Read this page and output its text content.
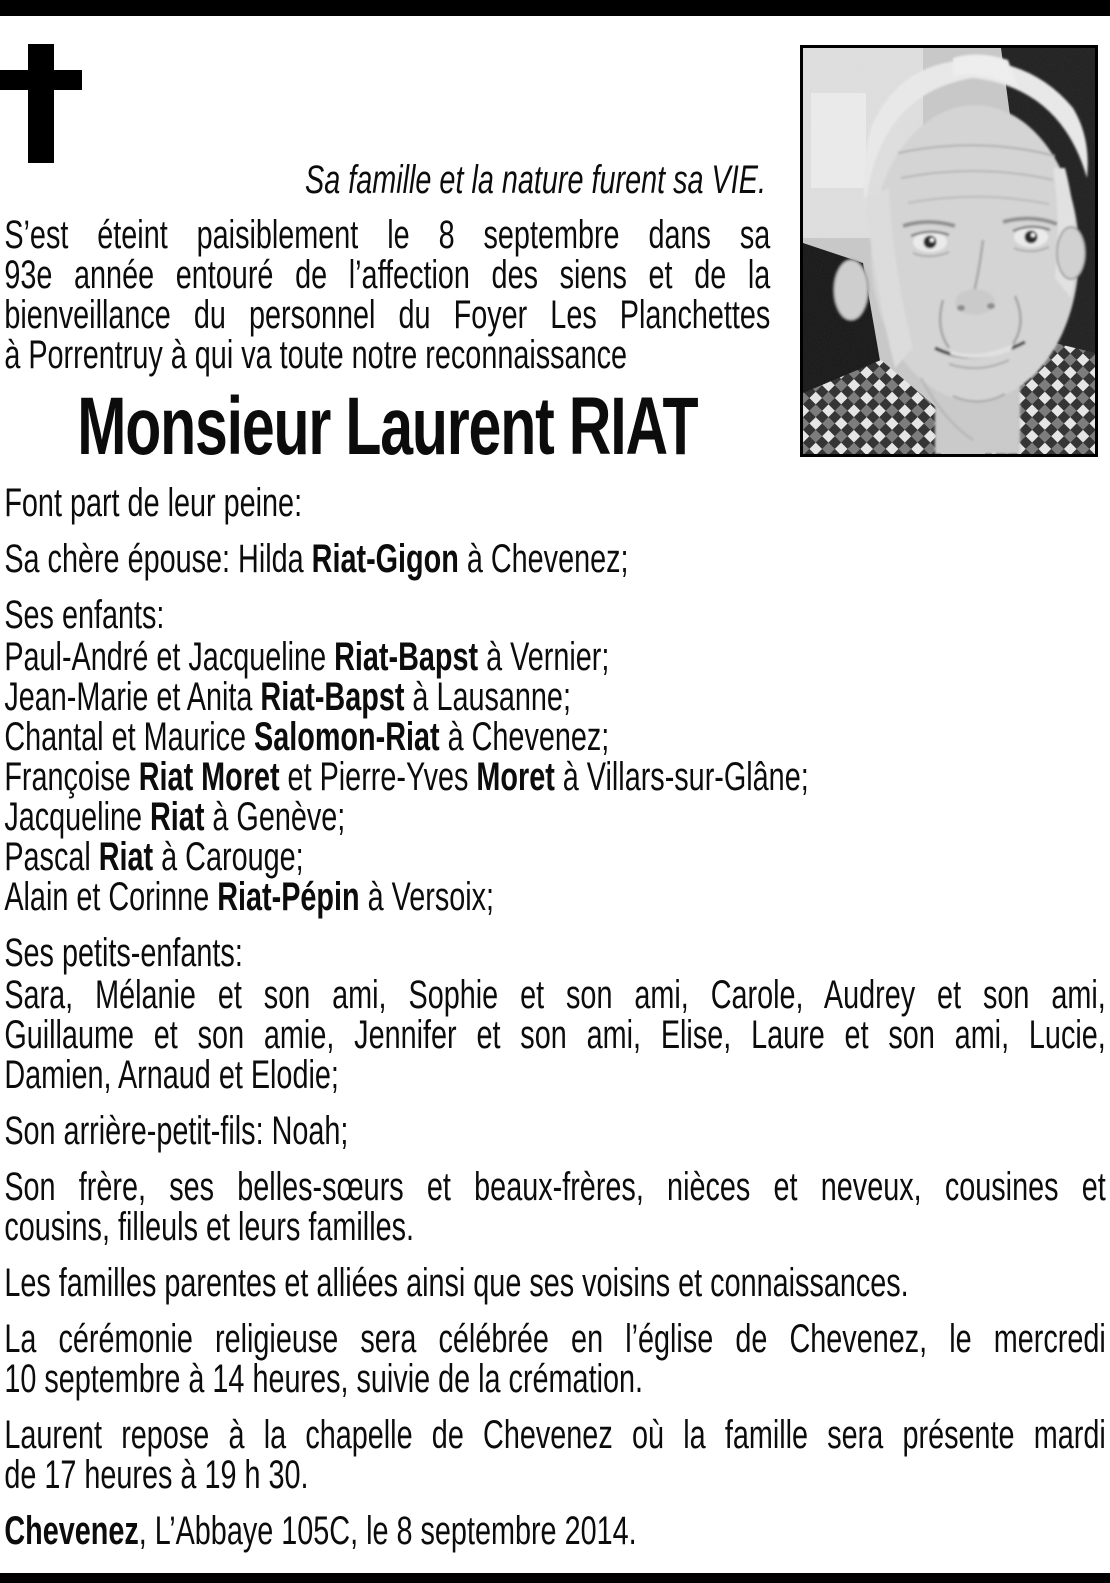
Sa famille et la nature furent sa VIE.
S’est éteint paisiblement le 8 septembre dans sa
93e année entouré de l’affection des siens et de la
bienveillance du personnel du Foyer Les Planchettes
à Porrentruy à qui va toute notre reconnaissance
Monsieur Laurent RIAT
Font part de leur peine:
Sa chère épouse: Hilda Riat-Gigon à Chevenez;
Ses enfants:
Paul-André et Jacqueline Riat-Bapst à Vernier;
Jean-Marie et Anita Riat-Bapst à Lausanne;
Chantal et Maurice Salomon-Riat à Chevenez;
Françoise Riat Moret et Pierre-Yves Moret à Villars-sur-Glâne;
Jacqueline Riat à Genève;
Pascal Riat à Carouge;
Alain et Corinne Riat-Pépin à Versoix;
Ses petits-enfants:
Sara, Mélanie et son ami, Sophie et son ami, Carole, Audrey et son ami,
Guillaume et son amie, Jennifer et son ami, Elise, Laure et son ami, Lucie,
Damien, Arnaud et Elodie;
Son arrière-petit-fils: Noah;
Son frère, ses belles-sœurs et beaux-frères, nièces et neveux, cousines et
cousins, filleuls et leurs familles.
Les familles parentes et alliées ainsi que ses voisins et connaissances.
La cérémonie religieuse sera célébrée en l’église de Chevenez, le mercredi
10 septembre à 14 heures, suivie de la crémation.
Laurent repose à la chapelle de Chevenez où la famille sera présente mardi
de 17 heures à 19 h 30.
Chevenez, L’Abbaye 105C, le 8 septembre 2014.
